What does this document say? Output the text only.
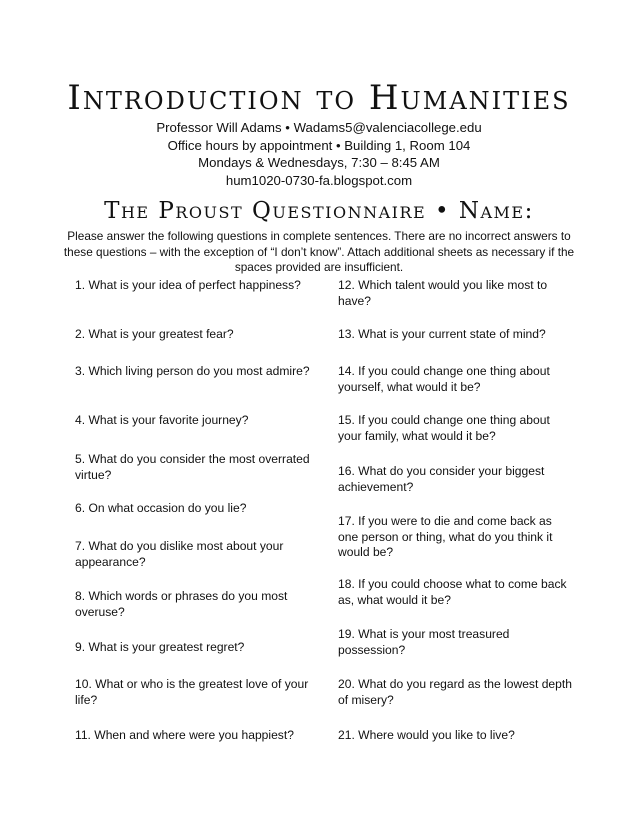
Introduction to Humanities
Professor Will Adams • Wadams5@valenciacollege.edu
Office hours by appointment • Building 1, Room 104
Mondays & Wednesdays, 7:30 – 8:45 AM
hum1020-0730-fa.blogspot.com
The Proust Questionnaire • Name:

Please answer the following questions in complete sentences. There are no incorrect answers to these questions – with the exception of “I don’t know”. Attach additional sheets as necessary if the spaces provided are insufficient.

1. What is your idea of perfect happiness?

2. What is your greatest fear?

3. Which living person do you most admire?

4. What is your favorite journey?

5. What do you consider the most overrated virtue?

6. On what occasion do you lie?

7. What do you dislike most about your appearance?

8. Which words or phrases do you most overuse?

9. What is your greatest regret?

10. What or who is the greatest love of your life?

11. When and where were you happiest?

12. Which talent would you like most to have?

13. What is your current state of mind?

14. If you could change one thing about yourself, what would it be?

15. If you could change one thing about your family, what would it be?

16. What do you consider your biggest achievement?

17. If you were to die and come back as one person or thing, what do you think it would be?

18. If you could choose what to come back as, what would it be?

19. What is your most treasured possession?

20. What do you regard as the lowest depth of misery?

21. Where would you like to live?
